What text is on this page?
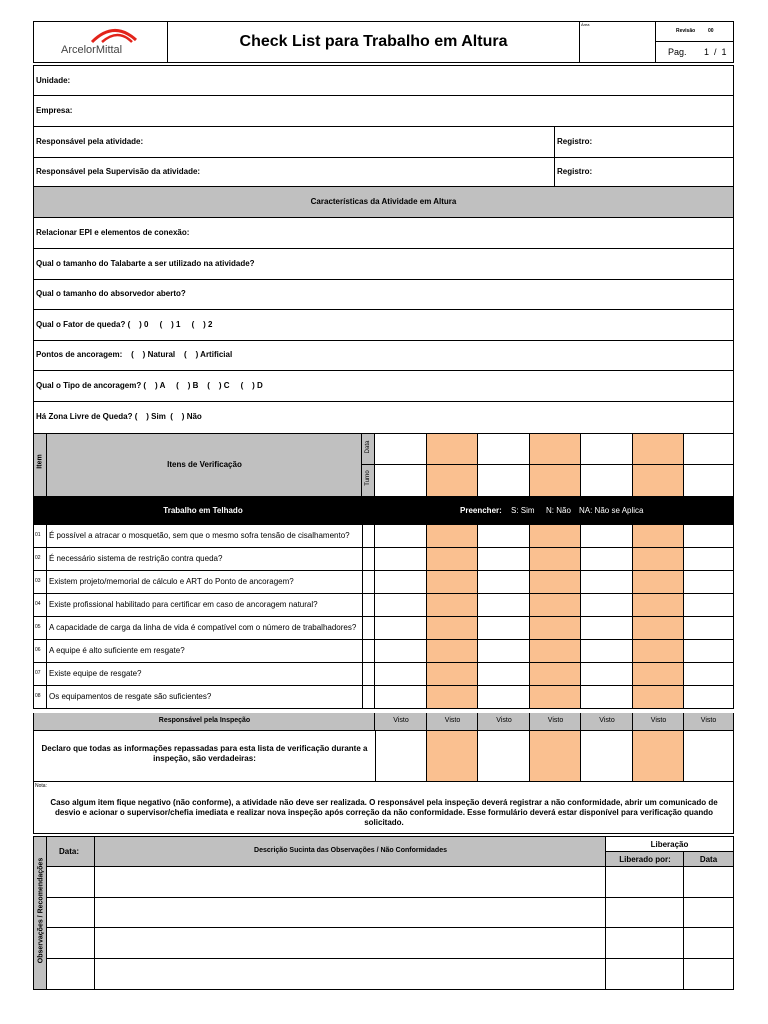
ArcelorMittal	Check List para Trabalho em Altura
Área
Revisão	00
Pag. 1  /  1
Unidade:
Empresa:
Responsável pela atividade:	Registro:
Responsável pela Supervisão da atividade:	Registro:
Características da Atividade em Altura
Relacionar EPI e elementos de conexão:
Qual o tamanho do Talabarte a ser utilizado na atividade?
Qual o tamanho do absorvedor aberto?
Qual o Fator de queda? (    ) 0     (    ) 1     (    ) 2
Pontos de ancoragem:    (    ) Natural    (    ) Artificial
Qual o Tipo de ancoragem? (    ) A     (    ) B    (    ) C     (    ) D
Há Zona Livre de Queda? (    ) Sim  (    ) Não
Item	Itens de Verificação
Data
Turno
Trabalho em Telhado	Preencher: S: Sim N: Não NA: Não se Aplica
01 É possível a atracar o mosquetão, sem que o mesmo sofra tensão de cisalhamento?
02 É necessário sistema de restrição contra queda?
03 Existem projeto/memorial de cálculo e ART do Ponto de ancoragem?
04 Existe profissional habilitado para certificar em caso de ancoragem natural?
05 A capacidade de carga da linha de vida é compatível com o número de trabalhadores?
06 A equipe é alto suficiente em resgate?
07 Existe equipe de resgate?
08 Os equipamentos de resgate são suficientes?
Responsável pela Inspeção	Visto	Visto	Visto	Visto	Visto	Visto	Visto
Declaro que todas as informações repassadas para esta lista de verificação durante a inspeção, são verdadeiras:
Nota:
Caso algum item fique negativo (não conforme), a atividade não deve ser realizada. O responsável pela inspeção deverá registrar a não conformidade, abrir um comunicado de desvio e acionar o supervisor/chefia imediata e realizar nova inspeção após correção da não conformidade. Esse formulário deverá estar disponível para verificação quando solicitado.
Observações / Recomendações
Data:	Descrição Sucinta das Observações / Não Conformidades
Liberação
Liberado por:	Data
